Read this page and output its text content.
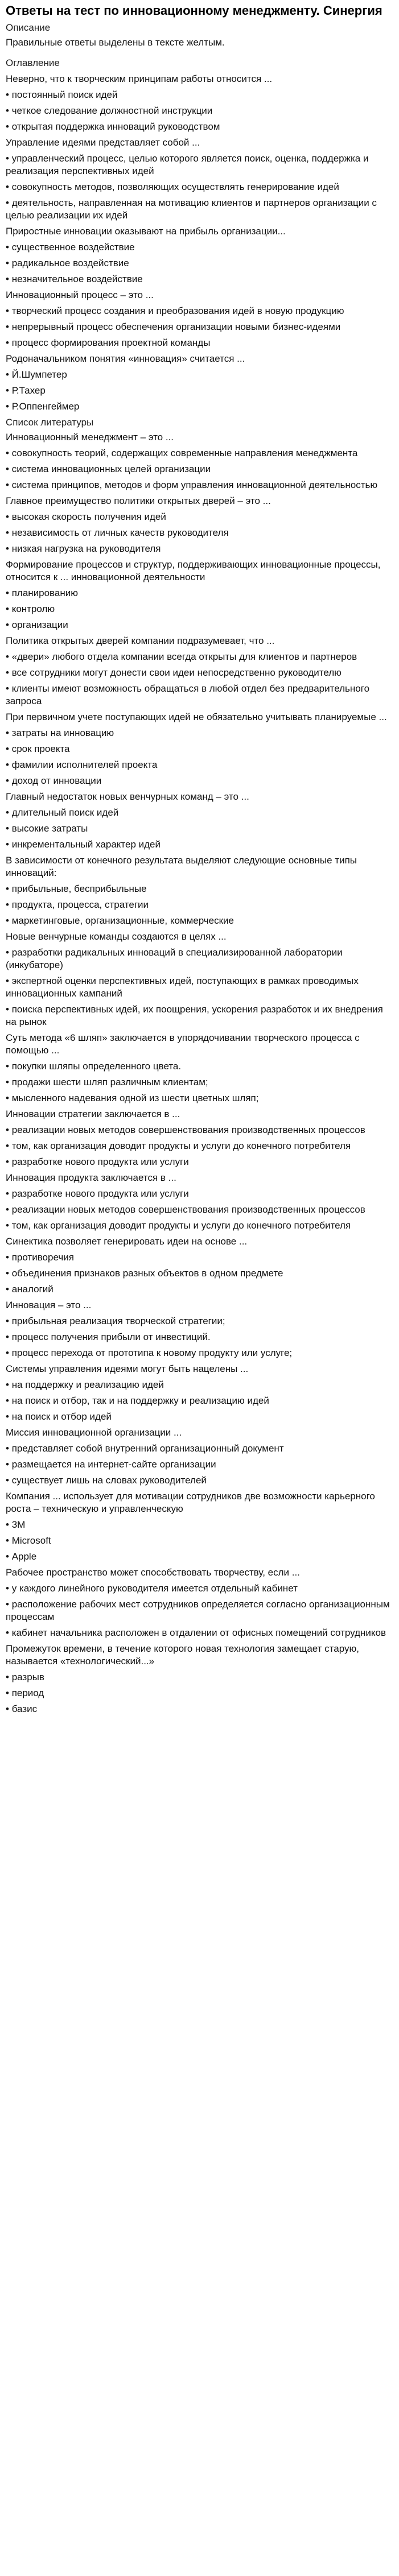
Ответы на тест по инновационному менеджменту. Синергия
Описание
Правильные ответы выделены в тексте желтым.
Оглавление
Неверно, что к творческим принципам работы относится ...
• постоянный поиск идей
• четкое следование должностной инструкции
• открытая поддержка инноваций руководством
Управление идеями представляет собой ...
• управленческий процесс, целью которого является поиск, оценка, поддержка и реализация перспективных идей
• совокупность методов, позволяющих осуществлять генерирование идей
• деятельность, направленная на мотивацию клиентов и партнеров организации с целью реализации их идей
Приростные инновации оказывают на прибыль организации...
• существенное воздействие
• радикальное воздействие
• незначительное воздействие
Инновационный процесс – это ...
• творческий процесс создания и преобразования идей в новую продукцию
• непрерывный процесс обеспечения организации новыми бизнес-идеями
• процесс формирования проектной команды
Родоначальником понятия «инновация» считается ...
• Й.Шумпетер
• Р.Тахер
• Р.Оппенгеймер
Список литературы
Инновационный менеджмент – это ...
• совокупность теорий, содержащих современные направления менеджмента
• система инновационных целей организации
• система принципов, методов и форм управления инновационной деятельностью
Главное преимущество политики открытых дверей – это ...
• высокая скорость получения идей
• независимость от личных качеств руководителя
• низкая нагрузка на руководителя
Формирование процессов и структур, поддерживающих инновационные процессы, относится к ... инновационной деятельности
• планированию
• контролю
• организации
Политика открытых дверей компании подразумевает, что ...
• «двери» любого отдела компании всегда открыты для клиентов и партнеров
• все сотрудники могут донести свои идеи непосредственно руководителю
• клиенты имеют возможность обращаться в любой отдел без предварительного запроса
При первичном учете поступающих идей не обязательно учитывать планируемые ...
• затраты на инновацию
• срок проекта
• фамилии исполнителей проекта
• доход от инновации
Главный недостаток новых венчурных команд – это ...
• длительный поиск идей
• высокие затраты
• инкрементальный характер идей
В зависимости от конечного результата выделяют следующие основные типы инноваций:
• прибыльные, бесприбыльные
• продукта, процесса, стратегии
• маркетинговые, организационные, коммерческие
Новые венчурные команды создаются в целях ...
• разработки радикальных инноваций в специализированной лаборатории (инкубаторе)
• экспертной оценки перспективных идей, поступающих в рамках проводимых инновационных кампаний
• поиска перспективных идей, их поощрения, ускорения разработок и их внедрения на рынок
Суть метода «6 шляп» заключается в упорядочивании творческого процесса с помощью ...
• покупки шляпы определенного цвета.
• продажи шести шляп различным клиентам;
• мысленного надевания одной из шести цветных шляп;
Инновации стратегии заключается в ...
• реализации новых методов совершенствования производственных процессов
• том, как организация доводит продукты и услуги до конечного потребителя
• разработке нового продукта или услуги
Инновация продукта заключается в ...
• разработке нового продукта или услуги
• реализации новых методов совершенствования производственных процессов
• том, как организация доводит продукты и услуги до конечного потребителя
Синектика позволяет генерировать идеи на основе ...
• противоречия
• объединения признаков разных объектов в одном предмете
• аналогий
Инновация – это ...
• прибыльная реализация творческой стратегии;
• процесс получения прибыли от инвестиций.
• процесс перехода от прототипа к новому продукту или услуге;
Системы управления идеями могут быть нацелены ...
• на поддержку и реализацию идей
• на поиск и отбор, так и на поддержку и реализацию идей
• на поиск и отбор идей
Миссия инновационной организации ...
• представляет собой внутренний организационный документ
• размещается на интернет-сайте организации
• существует лишь на словах руководителей
Компания ... использует для мотивации сотрудников две возможности карьерного роста – техническую и управленческую
• 3M
• Microsoft
• Apple
Рабочее пространство может способствовать творчеству, если ...
• у каждого линейного руководителя имеется отдельный кабинет
• расположение рабочих мест сотрудников определяется согласно организационным процессам
• кабинет начальника расположен в отдалении от офисных помещений сотрудников
Промежуток времени, в течение которого новая технология замещает старую, называется «технологический...»
• разрыв
• период
• базис
